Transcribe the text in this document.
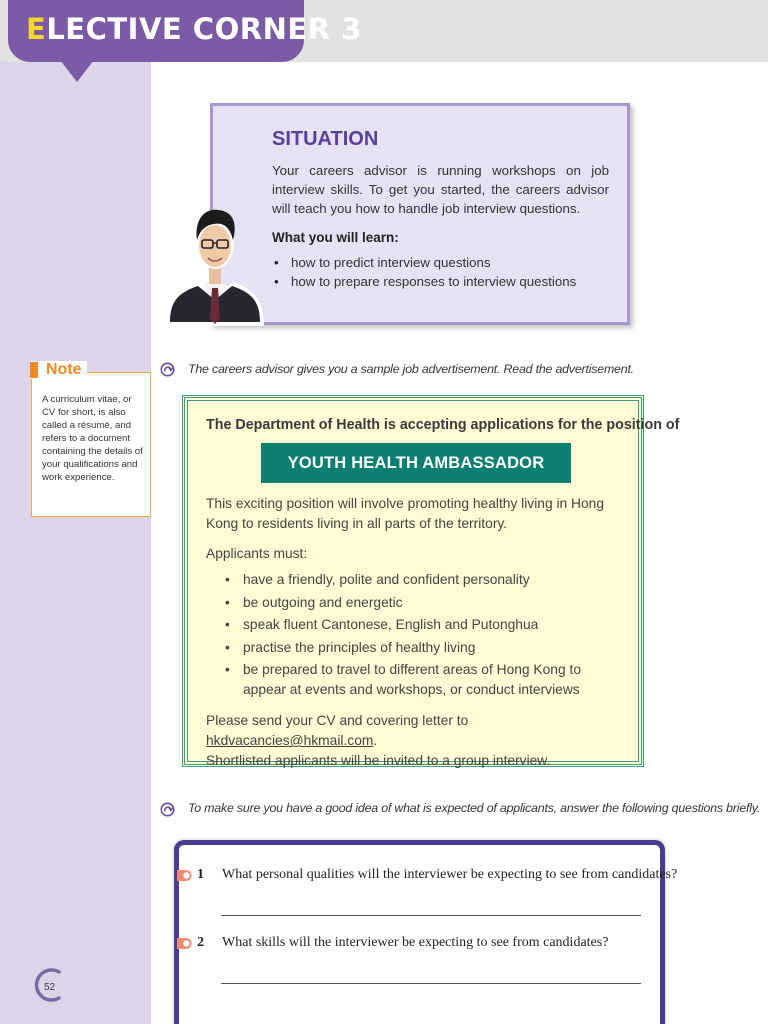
ELECTIVE CORNER 3
SITUATION

Your careers advisor is running workshops on job interview skills. To get you started, the careers advisor will teach you how to handle job interview questions.

What you will learn:
• how to predict interview questions
• how to prepare responses to interview questions
Note
A curriculum vitae, or CV for short, is also called a résumé, and refers to a document containing the details of your qualifications and work experience.
The careers advisor gives you a sample job advertisement. Read the advertisement.
The Department of Health is accepting applications for the position of
YOUTH HEALTH AMBASSADOR
This exciting position will involve promoting healthy living in Hong Kong to residents living in all parts of the territory.
Applicants must:
• have a friendly, polite and confident personality
• be outgoing and energetic
• speak fluent Cantonese, English and Putonghua
• practise the principles of healthy living
• be prepared to travel to different areas of Hong Kong to appear at events and workshops, or conduct interviews
Please send your CV and covering letter to hkdvacancies@hkmail.com.
Shortlisted applicants will be invited to a group interview.
To make sure you have a good idea of what is expected of applicants, answer the following questions briefly.
1 What personal qualities will the interviewer be expecting to see from candidates?
2 What skills will the interviewer be expecting to see from candidates?
52
